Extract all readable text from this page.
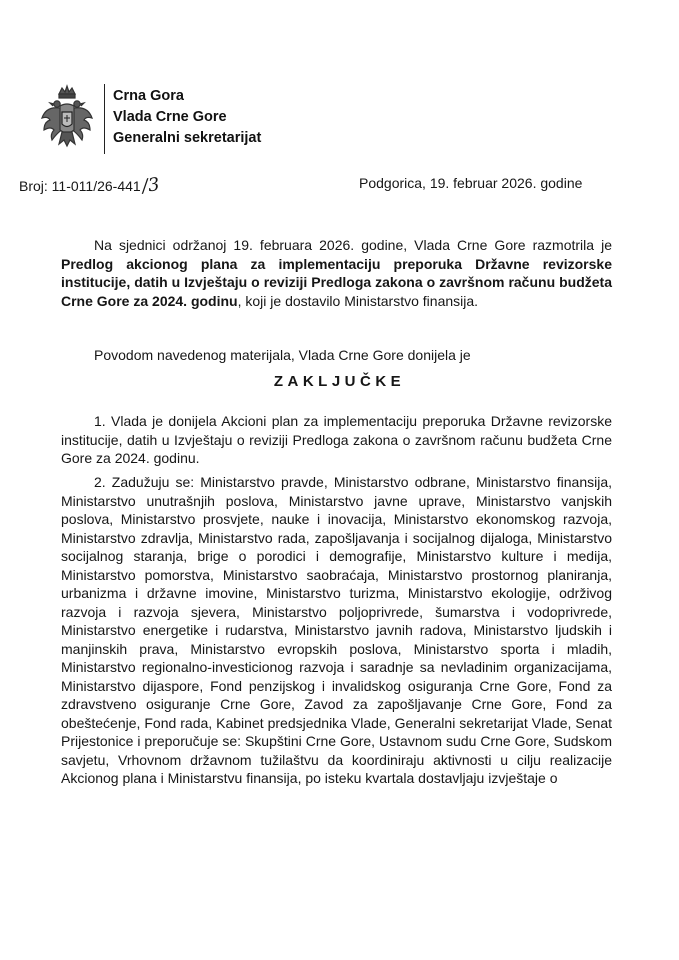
Crna Gora
Vlada Crne Gore
Generalni sekretarijat
Broj: 11-011/26-441/3	Podgorica, 19. februar 2026. godine
Na sjednici održanoj 19. februara 2026. godine, Vlada Crne Gore razmotrila je Predlog akcionog plana za implementaciju preporuka Državne revizorske institucije, datih u Izvještaju o reviziji Predloga zakona o završnom računu budžeta Crne Gore za 2024. godinu, koji je dostavilo Ministarstvo finansija.
Povodom navedenog materijala, Vlada Crne Gore donijela je
ZAKLJUČKE
1. Vlada je donijela Akcioni plan za implementaciju preporuka Državne revizorske institucije, datih u Izvještaju o reviziji Predloga zakona o završnom računu budžeta Crne Gore za 2024. godinu.
2. Zadužuju se: Ministarstvo pravde, Ministarstvo odbrane, Ministarstvo finansija, Ministarstvo unutrašnjih poslova, Ministarstvo javne uprave, Ministarstvo vanjskih poslova, Ministarstvo prosvjete, nauke i inovacija, Ministarstvo ekonomskog razvoja, Ministarstvo zdravlja, Ministarstvo rada, zapošljavanja i socijalnog dijaloga, Ministarstvo socijalnog staranja, brige o porodici i demografije, Ministarstvo kulture i medija, Ministarstvo pomorstva, Ministarstvo saobraćaja, Ministarstvo prostornog planiranja, urbanizma i državne imovine, Ministarstvo turizma, Ministarstvo ekologije, održivog razvoja i razvoja sjevera, Ministarstvo poljoprivrede, šumarstva i vodoprivrede, Ministarstvo energetike i rudarstva, Ministarstvo javnih radova, Ministarstvo ljudskih i manjinskih prava, Ministarstvo evropskih poslova, Ministarstvo sporta i mladih, Ministarstvo regionalno-investicionog razvoja i saradnje sa nevladinim organizacijama, Ministarstvo dijaspore, Fond penzijskog i invalidskog osiguranja Crne Gore, Fond za zdravstveno osiguranje Crne Gore, Zavod za zapošljavanje Crne Gore, Fond za obeštećenje, Fond rada, Kabinet predsjednika Vlade, Generalni sekretarijat Vlade, Senat Prijestonice i preporučuje se: Skupštini Crne Gore, Ustavnom sudu Crne Gore, Sudskom savjetu, Vrhovnom državnom tužilaštvu da koordiniraju aktivnosti u cilju realizacije Akcionog plana i Ministarstvu finansija, po isteku kvartala dostavljaju izvještaje o
